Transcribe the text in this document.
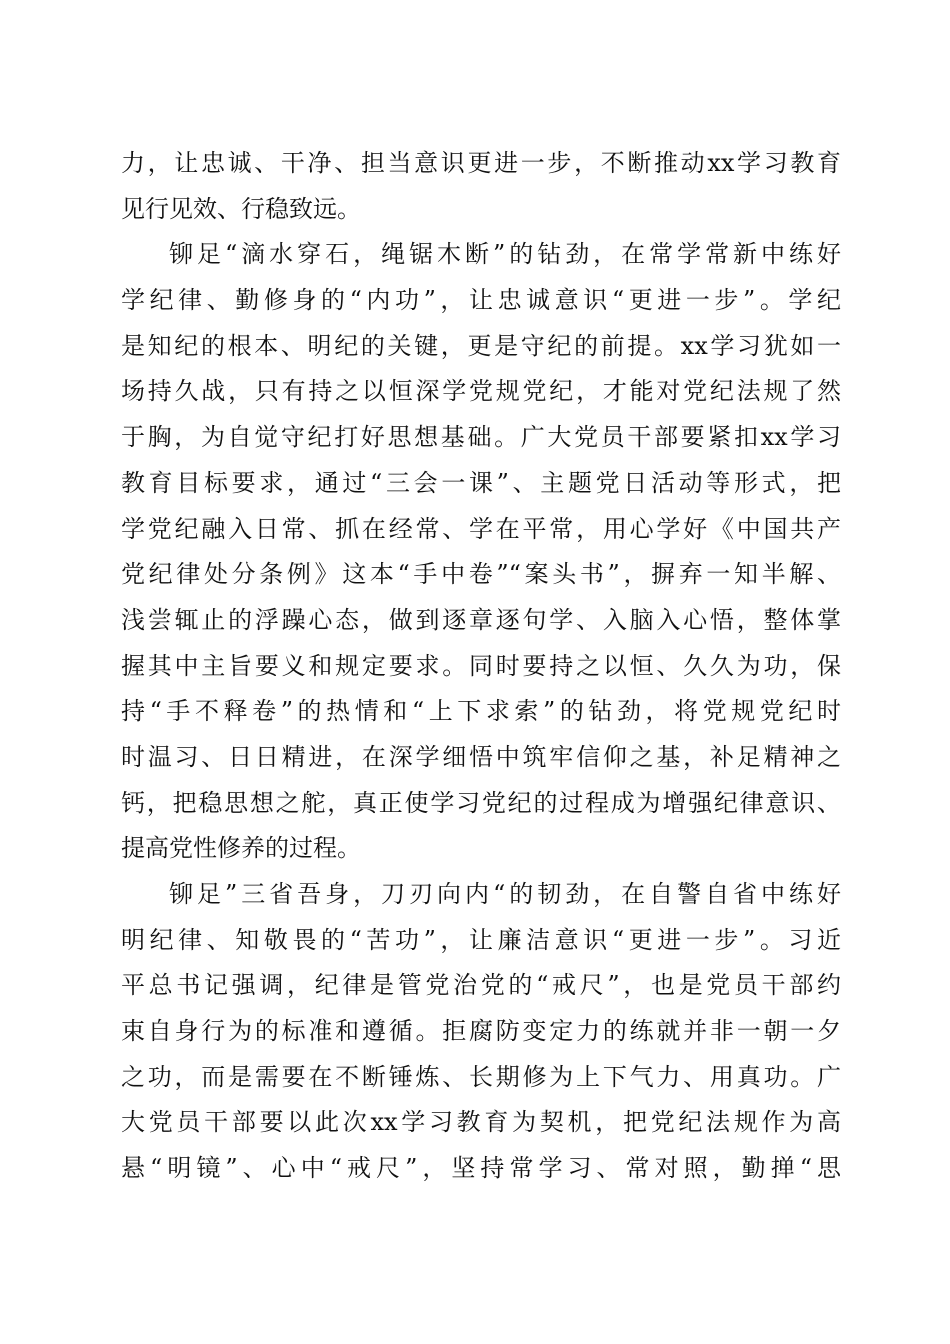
力，让忠诚、干净、担当意识更进一步，不断推动xx学习教育
见行见效、行稳致远。
铆足“滴水穿石，绳锯木断”的钻劲，在常学常新中练好
学纪律、勤修身的“内功”，让忠诚意识“更进一步”。学纪
是知纪的根本、明纪的关键，更是守纪的前提。xx学习犹如一
场持久战，只有持之以恒深学党规党纪，才能对党纪法规了然
于胸，为自觉守纪打好思想基础。广大党员干部要紧扣xx学习
教育目标要求，通过“三会一课”、主题党日活动等形式，把
学党纪融入日常、抓在经常、学在平常，用心学好《中国共产
党纪律处分条例》这本“手中卷”“案头书”，摒弃一知半解、
浅尝辄止的浮躁心态，做到逐章逐句学、入脑入心悟，整体掌
握其中主旨要义和规定要求。同时要持之以恒、久久为功，保
持“手不释卷”的热情和“上下求索”的钻劲，将党规党纪时
时温习、日日精进，在深学细悟中筑牢信仰之基，补足精神之
钙，把稳思想之舵，真正使学习党纪的过程成为增强纪律意识、
提高党性修养的过程。
铆足”三省吾身，刀刃向内“的韧劲，在自警自省中练好
明纪律、知敬畏的“苦功”，让廉洁意识“更进一步”。习近
平总书记强调，纪律是管党治党的“戒尺”，也是党员干部约
束自身行为的标准和遵循。拒腐防变定力的练就并非一朝一夕
之功，而是需要在不断锤炼、长期修为上下气力、用真功。广
大党员干部要以此次xx学习教育为契机，把党纪法规作为高
悬“明镜”、心中“戒尺”，坚持常学习、常对照，勤掸“思
